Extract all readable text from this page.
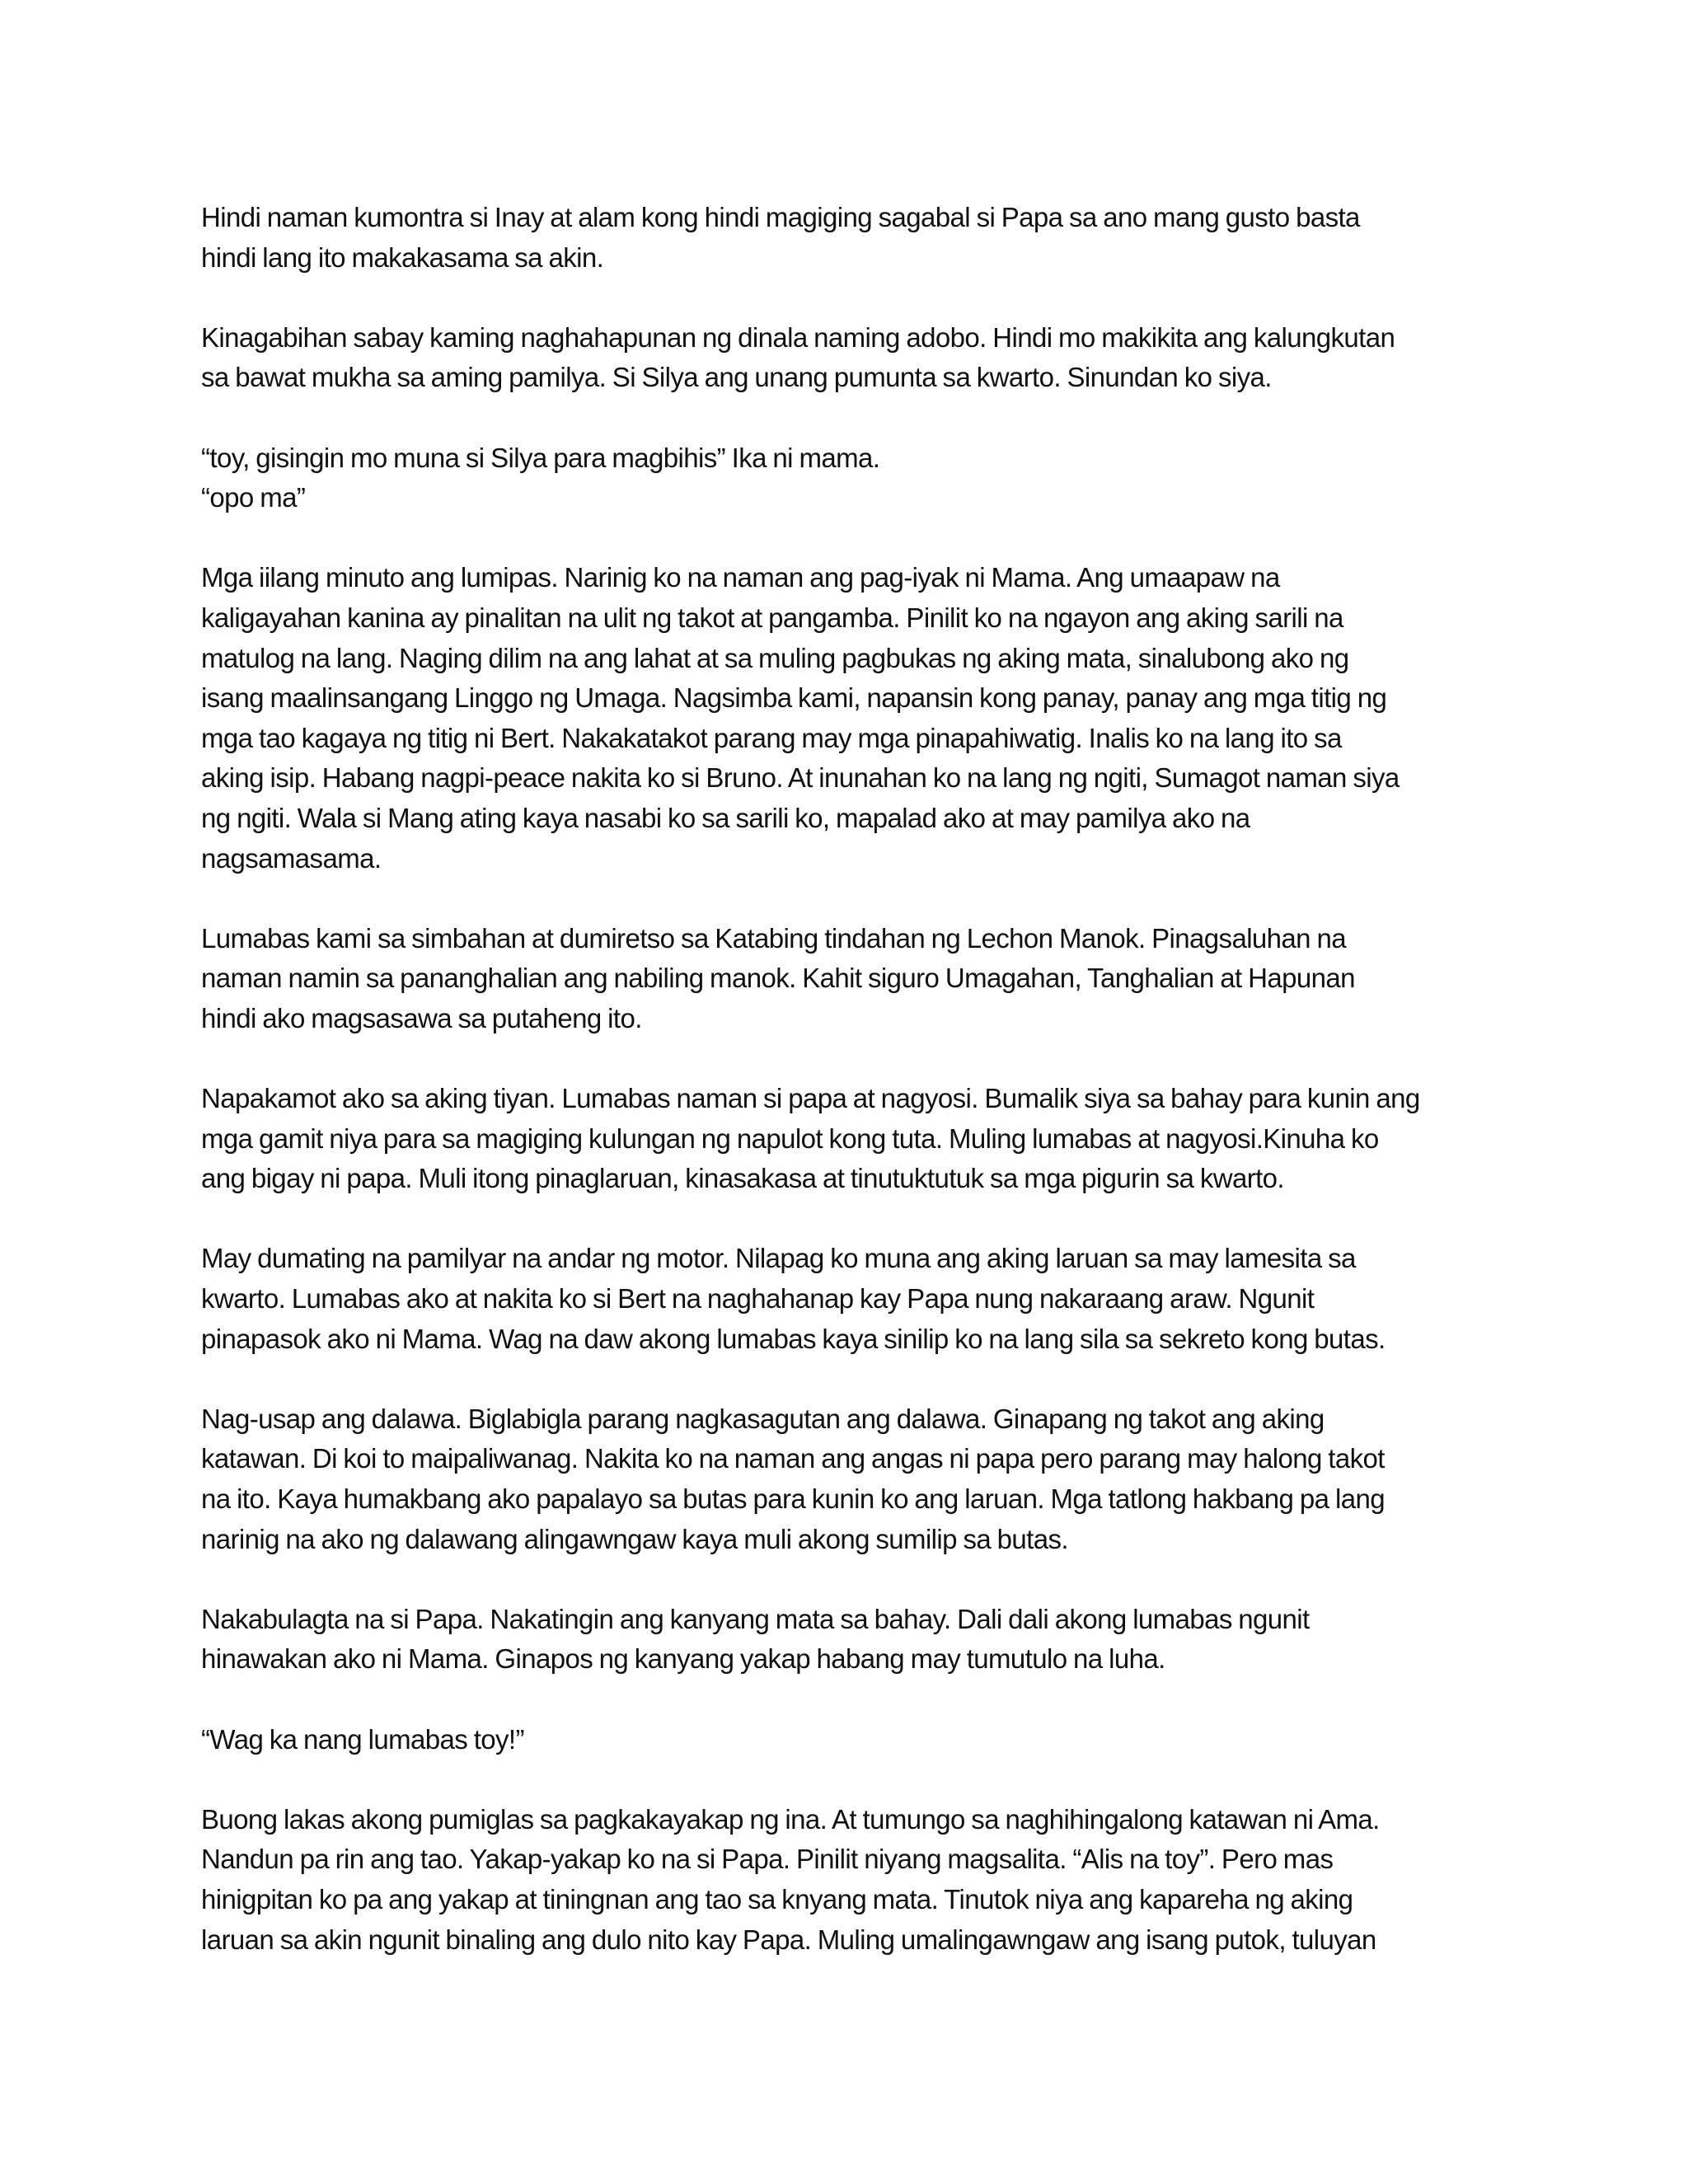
Hindi naman kumontra si Inay at alam kong hindi magiging sagabal si Papa sa ano mang gusto basta
hindi lang ito makakasama sa akin.
Kinagabihan sabay kaming naghahapunan ng dinala naming adobo. Hindi mo makikita ang kalungkutan
sa bawat mukha sa aming pamilya. Si Silya ang unang pumunta sa kwarto. Sinundan ko siya.
“toy, gisingin mo muna si Silya para magbihis” Ika ni mama.
“opo ma”
Mga iilang minuto ang lumipas. Narinig ko na naman ang pag-iyak ni Mama. Ang umaapaw na
kaligayahan kanina ay pinalitan na ulit ng takot at pangamba. Pinilit ko na ngayon ang aking sarili na
matulog na lang. Naging dilim na ang lahat at sa muling pagbukas ng aking mata, sinalubong ako ng
isang maalinsangang Linggo ng Umaga. Nagsimba kami, napansin kong panay, panay ang mga titig ng
mga tao kagaya ng titig ni Bert. Nakakatakot parang may mga pinapahiwatig. Inalis ko na lang ito sa
aking isip. Habang nagpi-peace nakita ko si Bruno. At inunahan ko na lang ng ngiti, Sumagot naman siya
ng ngiti. Wala si Mang ating kaya nasabi ko sa sarili ko, mapalad ako at may pamilya ako na
nagsamasama.
Lumabas kami sa simbahan at dumiretso sa Katabing tindahan ng Lechon Manok. Pinagsaluhan na
naman namin sa pananghalian ang nabiling manok. Kahit siguro Umagahan, Tanghalian at Hapunan
hindi ako magsasawa sa putaheng ito.
Napakamot ako sa aking tiyan. Lumabas naman si papa at nagyosi. Bumalik siya sa bahay para kunin ang
mga gamit niya para sa magiging kulungan ng napulot kong tuta. Muling lumabas at nagyosi.Kinuha ko
ang bigay ni papa. Muli itong pinaglaruan, kinasakasa at tinutuktutuk sa mga pigurin sa kwarto.
May dumating na pamilyar na andar ng motor. Nilapag ko muna ang aking laruan sa may lamesita sa
kwarto. Lumabas ako at nakita ko si Bert na naghahanap kay Papa nung nakaraang araw. Ngunit
pinapasok ako ni Mama. Wag na daw akong lumabas kaya sinilip ko na lang sila sa sekreto kong butas.
Nag-usap ang dalawa. Biglabigla parang nagkasagutan ang dalawa. Ginapang ng takot ang aking
katawan. Di koi to maipaliwanag. Nakita ko na naman ang angas ni papa pero parang may halong takot
na ito. Kaya humakbang ako papalayo sa butas para kunin ko ang laruan. Mga tatlong hakbang pa lang
narinig na ako ng dalawang alingawngaw kaya muli akong sumilip sa butas.
Nakabulagta na si Papa. Nakatingin ang kanyang mata sa bahay. Dali dali akong lumabas ngunit
hinawakan ako ni Mama. Ginapos ng kanyang yakap habang may tumutulo na luha.
“Wag ka nang lumabas toy!”
Buong lakas akong pumiglas sa pagkakayakap ng ina. At tumungo sa naghihingalong katawan ni Ama.
Nandun pa rin ang tao. Yakap-yakap ko na si Papa. Pinilit niyang magsalita. “Alis na toy”. Pero mas
hinigpitan ko pa ang yakap at tiningnan ang tao sa knyang mata. Tinutok niya ang kapareha ng aking
laruan sa akin ngunit binaling ang dulo nito kay Papa. Muling umalingawngaw ang isang putok, tuluyan
